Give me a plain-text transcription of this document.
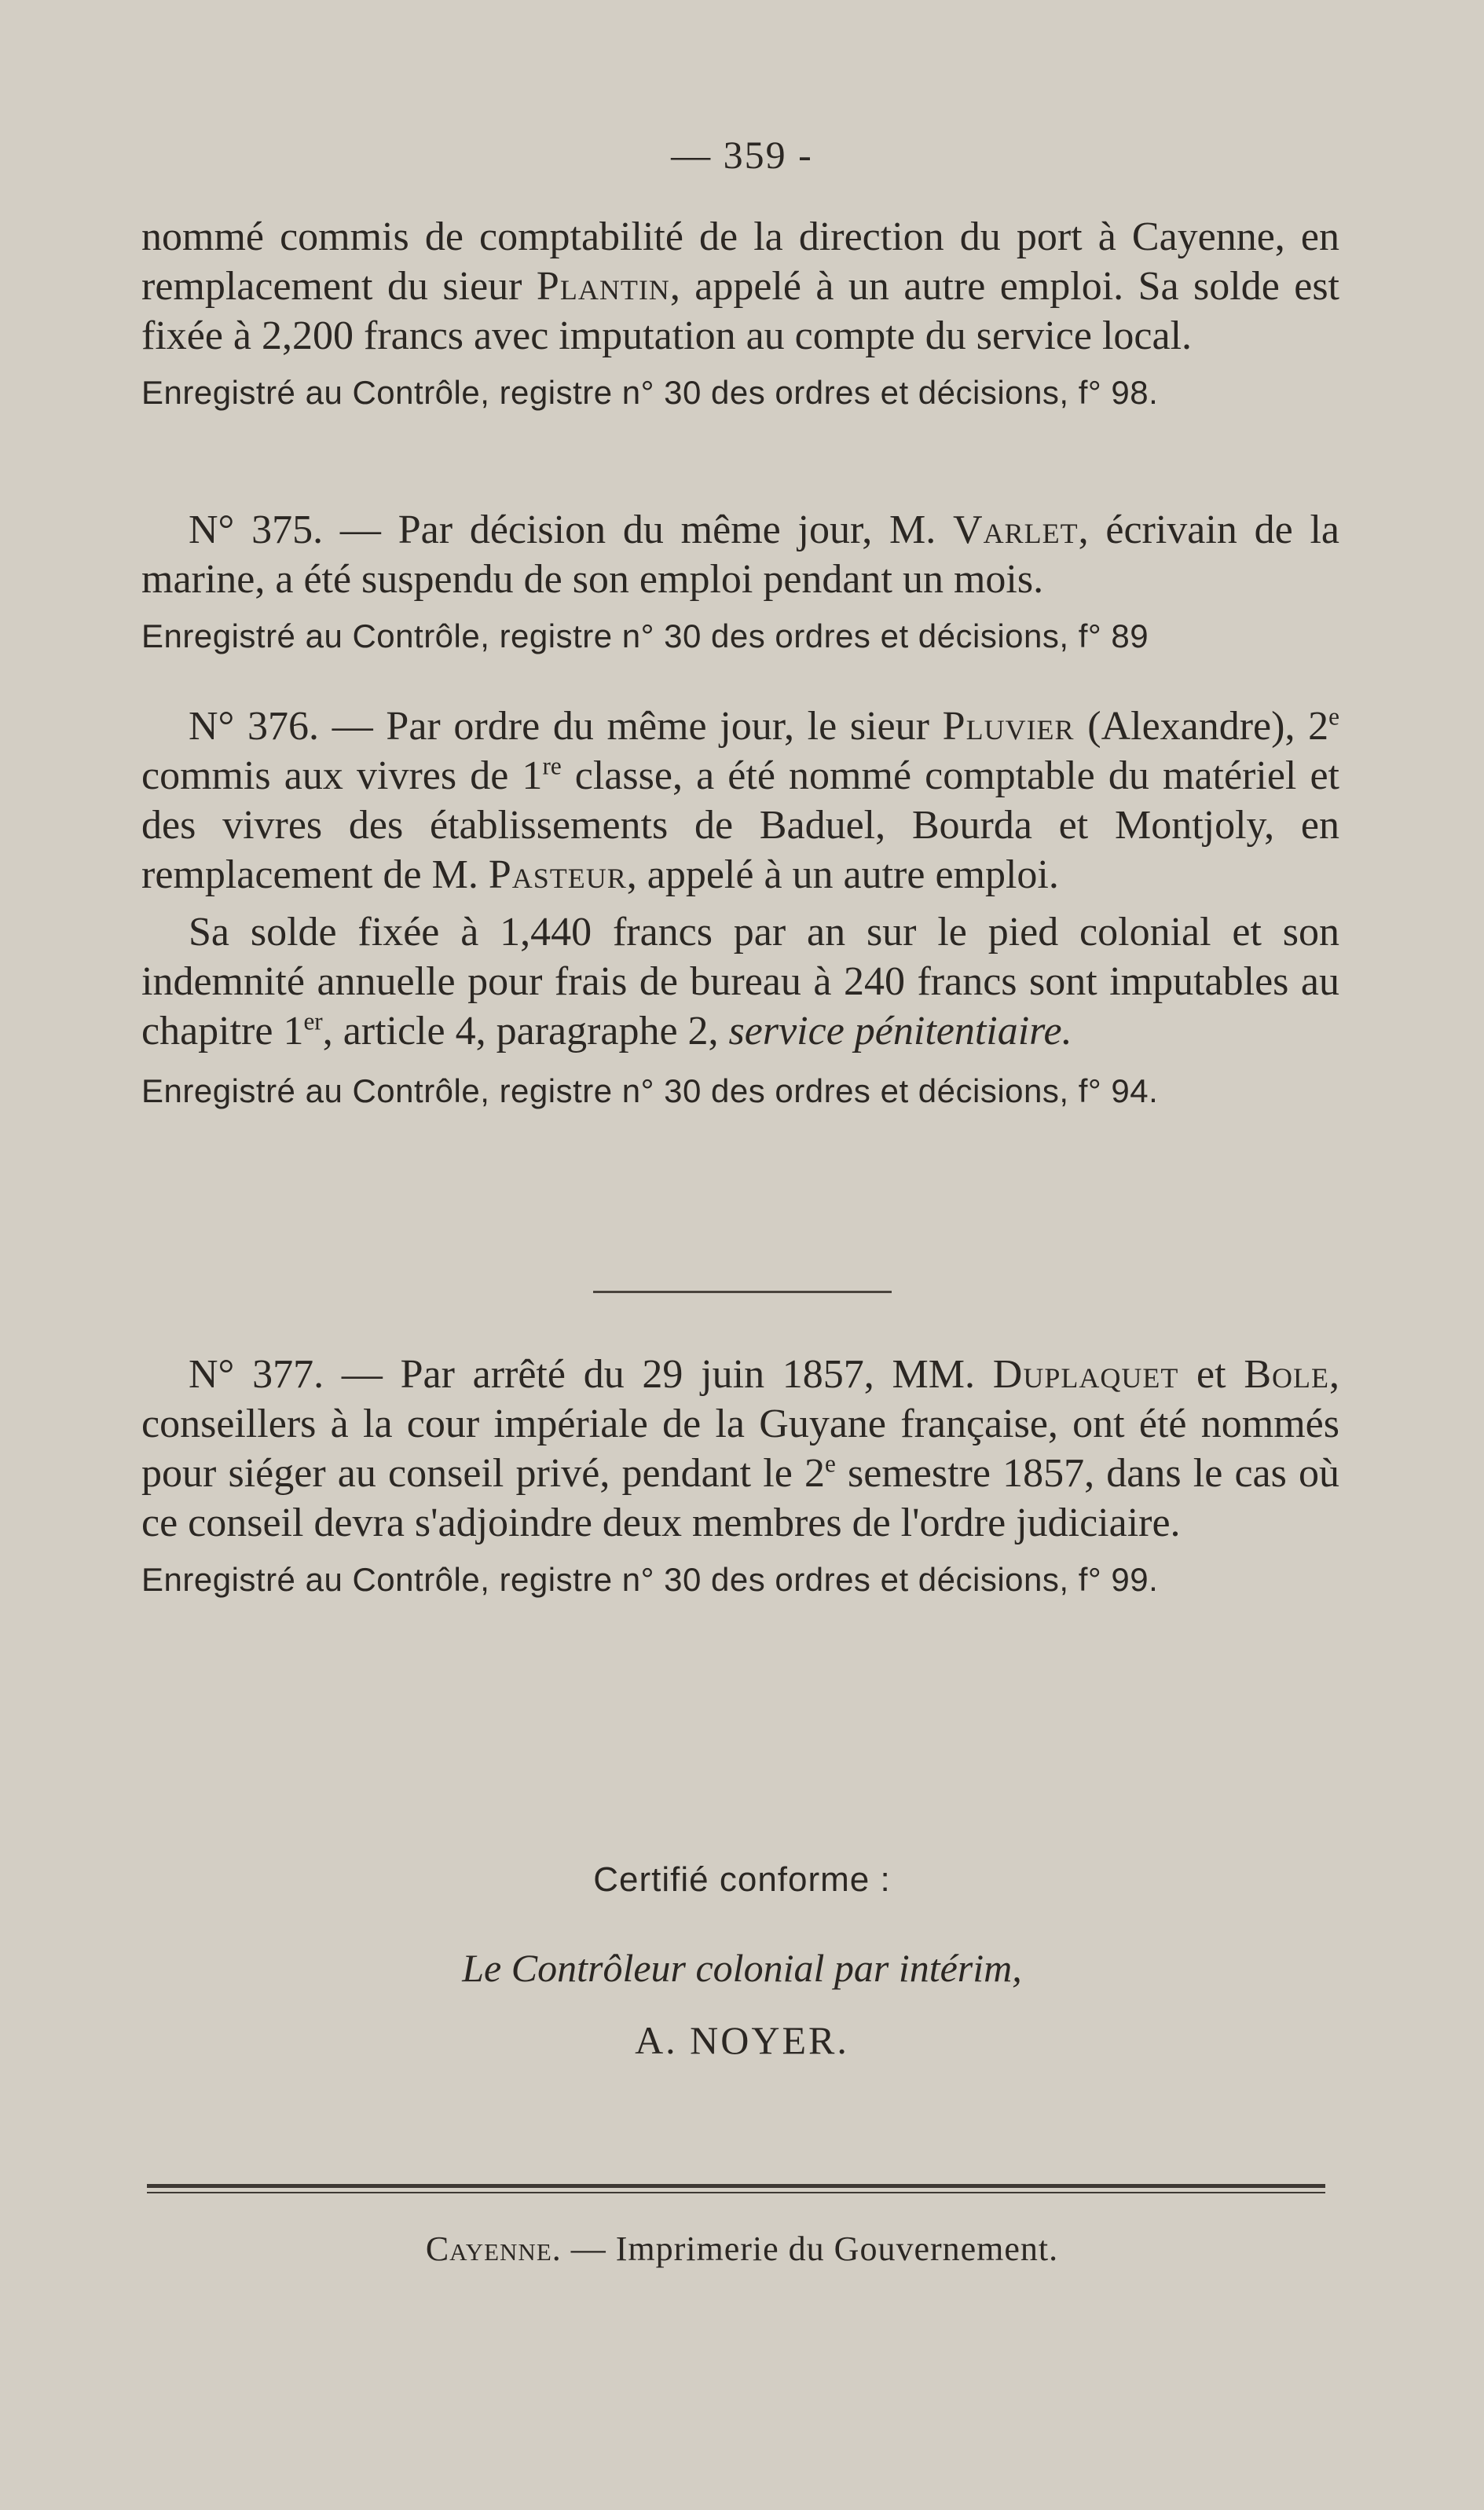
— 359 -

nommé commis de comptabilité de la direction du port à Cayenne, en remplacement du sieur Plantin, appelé à un autre emploi. Sa solde est fixée à 2,200 francs avec imputation au compte du service local.

Enregistré au Contrôle, registre n° 30 des ordres et décisions, f° 98.

N° 375. — Par décision du même jour, M. Varlet, écrivain de la marine, a été suspendu de son emploi pendant un mois.

Enregistré au Contrôle, registre n° 30 des ordres et décisions, f° 89

N° 376. — Par ordre du même jour, le sieur Pluvier (Alexandre), 2e commis aux vivres de 1re classe, a été nommé comptable du matériel et des vivres des établissements de Baduel, Bourda et Montjoly, en remplacement de M. Pasteur, appelé à un autre emploi.

Sa solde fixée à 1,440 francs par an sur le pied colonial et son indemnité annuelle pour frais de bureau à 240 francs sont imputables au chapitre 1er, article 4, paragraphe 2, service pénitentiaire.

Enregistré au Contrôle, registre n° 30 des ordres et décisions, f° 94.

N° 377. — Par arrêté du 29 juin 1857, MM. Duplaquet et Bole, conseillers à la cour impériale de la Guyane française, ont été nommés pour siéger au conseil privé, pendant le 2e semestre 1857, dans le cas où ce conseil devra s'adjoindre deux membres de l'ordre judiciaire.

Enregistré au Contrôle, registre n° 30 des ordres et décisions, f° 99.

Certifié conforme :
Le Contrôleur colonial par intérim,
A. NOYER.
Cayenne. — Imprimerie du Gouvernement.
